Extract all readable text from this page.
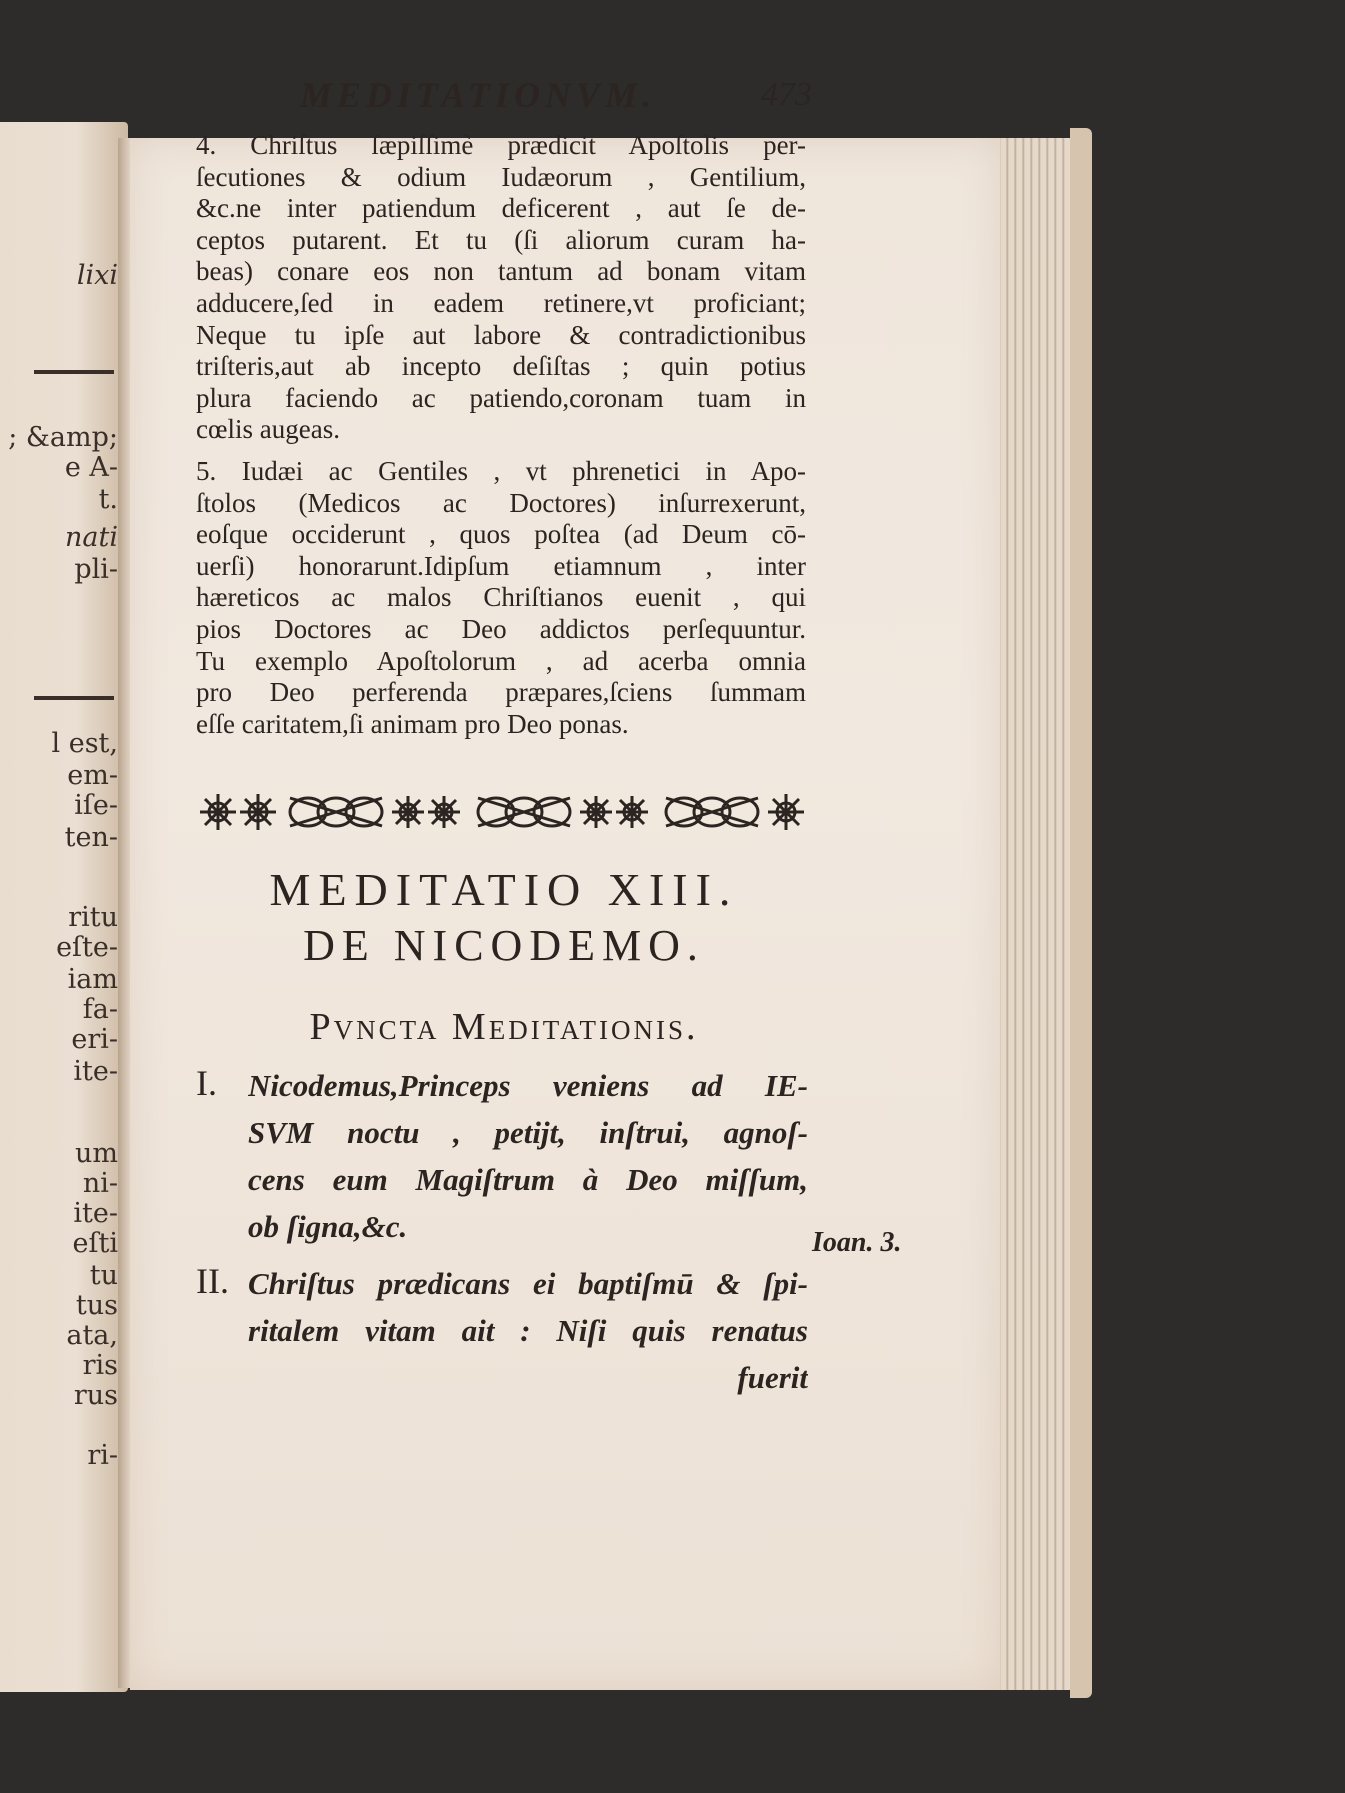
lixi
; &amp;
e A-
t.
nati
pli-
l est,
em-
iſe-
ten-
ritu
eſte-
iam
fa-
eri-
ite-
um
ni-
ite-
eſti
tu
tus
ata,
ris
rus
ri-
MEDITATIONVM.	473
4. Chriſtus ſæpiſſimè prædicit Apoſtolis per-
ſecutiones & odium Iudæorum , Gentilium,
&c.ne inter patiendum deficerent , aut ſe de-
ceptos putarent. Et tu (ſi aliorum curam ha-
beas) conare eos non tantum ad bonam vitam
adducere,ſed in eadem retinere,vt proficiant;
Neque tu ipſe aut labore & contradictionibus
triſteris,aut ab incepto deſiſtas ; quin potius
plura faciendo ac patiendo,coronam tuam in
cœlis augeas.
5. Iudæi ac Gentiles , vt phrenetici in Apo-
ſtolos (Medicos ac Doctores) inſurrexerunt,
eoſque occiderunt , quos poſtea (ad Deum cō-
uerſi) honorarunt.Idipſum etiamnum , inter
hæreticos ac malos Chriſtianos euenit , qui
pios Doctores ac Deo addictos perſequuntur.
Tu exemplo Apoſtolorum , ad acerba omnia
pro Deo perferenda præpares,ſciens ſummam
eſſe caritatem,ſi animam pro Deo ponas.
MEDITATIO XIII.
DE NICODEMO.
Pvncta Meditationis.
I. Nicodemus,Princeps veniens ad IE-
SVM noctu , petijt, inſtrui, agnoſ-
cens eum Magiſtrum à Deo miſſum,
ob ſigna,&c.
II. Chriſtus prædicans ei baptiſmū & ſpi-
ritalem vitam ait : Niſi quis renatus
fuerit
Ioan. 3.
